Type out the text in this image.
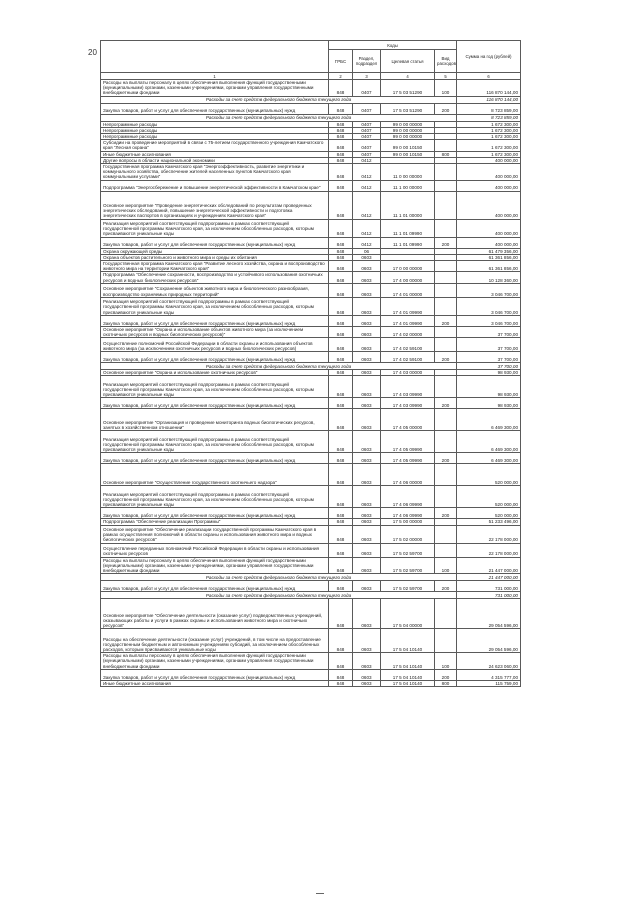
20
	Коды				Сумма на год (рублей)
	ГРБС	Раздел, подраздел	Целевая статья	Вид расходов	
1	2	3	4	5	6
Расходы на выплаты персоналу в целях обеспечения выполнения функций государственными (муниципальными) органами, казенными учреждениями, органами управления государственными внебюджетными фондами	848	0407	17 5 03 51290	100	116 870 144,00
Расходы за счет средств федерального бюджета текущего года					116 870 144,00
Закупка товаров, работ и услуг для обеспечения государственных (муниципальных) нужд	848	0407	17 5 03 51290	200	8 723 859,00
Расходы за счет средств федерального бюджета текущего года					8 723 859,00
Непрограммные расходы	848	0407	99 0 00 00000		1 672 300,00
Непрограммные расходы	848	0407	99 0 00 00000		1 672 300,00
Непрограммные расходы	848	0407	99 0 00 00000		1 672 300,00
Субсидии на проведение мероприятий в связи с 75-летием государственного учреждения Камчатского края "Лесная охрана"	848	0407	99 0 00 10150		1 672 300,00
Иные бюджетные ассигнования	848	0407	99 0 00 10150	800	1 672 300,00
Другие вопросы в области национальной экономики	848	0412			400 000,00
Государственная программа Камчатского края "Энергоэффективность, развитие энергетики и коммунального хозяйства, обеспечение жителей населенных пунктов Камчатского края коммунальными услугами"	848	0412	11 0 00 00000		400 000,00
Подпрограмма "Энергосбережение и повышение энергетической эффективности в Камчатском крае"	848	0412	11 1 00 00000		400 000,00
Основное мероприятие "Проведение энергетических обследований по результатам проведенных энергетических обследований, повышение энергетической эффективности и подготовка энергетических паспортов в организациях и учреждениях Камчатского края"	848	0412	11 1 01 00000		400 000,00
Реализация мероприятий соответствующей подпрограммы в рамках соответствующей государственной программы Камчатского края, за исключением обособленных расходов, которым присваиваются уникальные коды	848	0412	11 1 01 09990		400 000,00
Закупка товаров, работ и услуг для обеспечения государственных (муниципальных) нужд	848	0412	11 1 01 09990	200	400 000,00
Охрана окружающей среды	848	06			61 479 356,00
Охрана объектов растительного и животного мира и среды их обитания	848	0603			61 361 856,00
Государственная программа Камчатского края "Развитие лесного хозяйства, охрана и воспроизводство животного мира на территории Камчатского края"	848	0603	17 0 00 00000		61 361 856,00
Подпрограмма "Обеспечение сохранности, воспроизводство и устойчивого использования охотничьих ресурсов и водных биологических ресурсов"	848	0603	17 4 00 00000		10 128 360,00
Основное мероприятие "Сохранение объектов животного мира и биологического разнообразия, воспроизводство охраняемых природных территорий"	848	0603	17 4 01 00000		3 046 700,00
Реализация мероприятий соответствующей подпрограммы в рамках соответствующей государственной программы Камчатского края, за исключением обособленных расходов, которым присваиваются уникальные коды	848	0603	17 4 01 09990		3 046 700,00
Закупка товаров, работ и услуг для обеспечения государственных (муниципальных) нужд	848	0603	17 4 01 09990	200	3 046 700,00
Основное мероприятие "Охрана и использование объектов животного мира (за исключением охотничьих ресурсов и водных биологических ресурсов)"	848	0603	17 4 02 00000		37 700,00
Осуществление полномочий Российской Федерации в области охраны и использования объектов животного мира (за исключением охотничьих ресурсов и водных биологических ресурсов)	848	0603	17 4 02 59100		37 700,00
Закупка товаров, работ и услуг для обеспечения государственных (муниципальных) нужд	848	0603	17 4 02 59100	200	37 700,00
Расходы за счет средств федерального бюджета текущего года					37 700,00
Основное мероприятие "Охрана и использование охотничьих ресурсов"	848	0603	17 4 03 00000		98 930,00
Реализация мероприятий соответствующей подпрограммы в рамках соответствующей государственной программы Камчатского края, за исключением обособленных расходов, которым присваиваются уникальные коды	848	0603	17 4 03 09990		98 930,00
Закупка товаров, работ и услуг для обеспечения государственных (муниципальных) нужд	848	0603	17 4 03 09990	200	98 930,00
Основное мероприятие "Организация и проведение мониторинга водных биологических ресурсов, занятых в хозяйственном отношении"	848	0603	17 4 05 00000		6 469 300,00
Реализация мероприятий соответствующей подпрограммы в рамках соответствующей государственной программы Камчатского края, за исключением обособленных расходов, которым присваиваются уникальные коды	848	0603	17 4 05 09990		6 469 300,00
Закупка товаров, работ и услуг для обеспечения государственных (муниципальных) нужд	848	0603	17 4 05 09990	200	6 469 300,00
Основное мероприятие "Осуществление государственного охотничьего надзора"	848	0603	17 4 06 00000		520 000,00
Реализация мероприятий соответствующей подпрограммы в рамках соответствующей государственной программы Камчатского края, за исключением обособленных расходов, которым присваиваются уникальные коды	848	0603	17 4 06 09990		520 000,00
Закупка товаров, работ и услуг для обеспечения государственных (муниципальных) нужд	848	0603	17 4 06 09990	200	520 000,00
Подпрограмма "Обеспечение реализации Программы"	848	0603	17 5 00 00000		51 233 496,00
Основное мероприятие "Обеспечение реализации государственной программы Камчатского края в рамках осуществления полномочий в области охраны и использования животного мира и водных биологических ресурсов"	848	0603	17 5 02 00000		22 178 000,00
Осуществление переданных полномочий Российской Федерации в области охраны и использования охотничьих ресурсов	848	0603	17 5 02 59700		22 178 000,00
Расходы на выплаты персоналу в целях обеспечения выполнения функций государственными (муниципальными) органами, казенными учреждениями, органами управления государственными внебюджетными фондами	848	0603	17 5 02 59700	100	21 447 000,00
Расходы за счет средств федерального бюджета текущего года					21 447 000,00
Закупка товаров, работ и услуг для обеспечения государственных (муниципальных) нужд	848	0603	17 5 02 59700	200	731 000,00
Расходы за счет средств федерального бюджета текущего года					731 000,00
Основное мероприятие "Обеспечение деятельности (оказание услуг) подведомственных учреждений, оказывающих работы и услуги в рамках охраны и использования животного мира и охотничьих ресурсов"	848	0603	17 5 04 00000		29 054 596,00
Расходы на обеспечение деятельности (оказание услуг) учреждений, в том числе на предоставление государственным бюджетным и автономным учреждениям субсидий, за исключением обособленных расходов, которым присваиваются уникальные коды	848	0603	17 5 04 10140		29 054 596,00
Расходы на выплаты персоналу в целях обеспечения выполнения функций государственными (муниципальными) органами, казенными учреждениями, органами управления государственными внебюджетными фондами	848	0603	17 5 04 10140	100	24 623 060,00
Закупка товаров, работ и услуг для обеспечения государственных (муниципальных) нужд	848	0603	17 5 04 10140	200	4 315 777,00
Иные бюджетные ассигнования	848	0603	17 5 04 10140	800	115 759,00
